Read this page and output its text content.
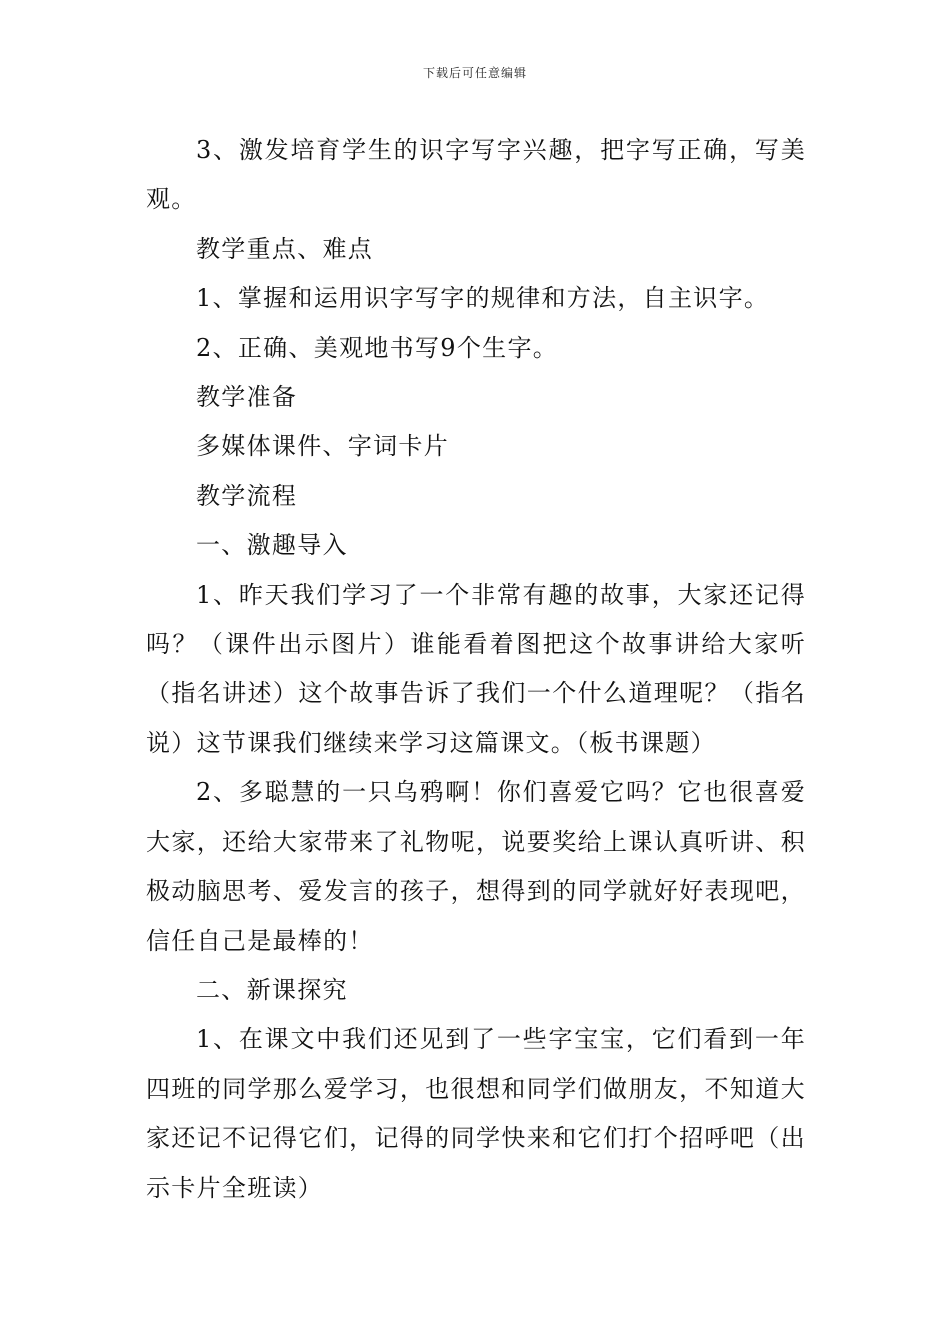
下载后可任意编辑

3、激发培育学生的识字写字兴趣，把字写正确，写美观。

教学重点、难点

1、掌握和运用识字写字的规律和方法，自主识字。

2、正确、美观地书写9个生字。

教学准备

多媒体课件、字词卡片

教学流程

一、激趣导入

1、昨天我们学习了一个非常有趣的故事，大家还记得吗？（课件出示图片）谁能看着图把这个故事讲给大家听（指名讲述）这个故事告诉了我们一个什么道理呢？（指名说）这节课我们继续来学习这篇课文。（板书课题）

2、多聪慧的一只乌鸦啊！你们喜爱它吗？它也很喜爱大家，还给大家带来了礼物呢，说要奖给上课认真听讲、积极动脑思考、爱发言的孩子，想得到的同学就好好表现吧，信任自己是最棒的！

二、新课探究

1、在课文中我们还见到了一些字宝宝，它们看到一年四班的同学那么爱学习，也很想和同学们做朋友，不知道大家还记不记得它们，记得的同学快来和它们打个招呼吧（出示卡片全班读）
